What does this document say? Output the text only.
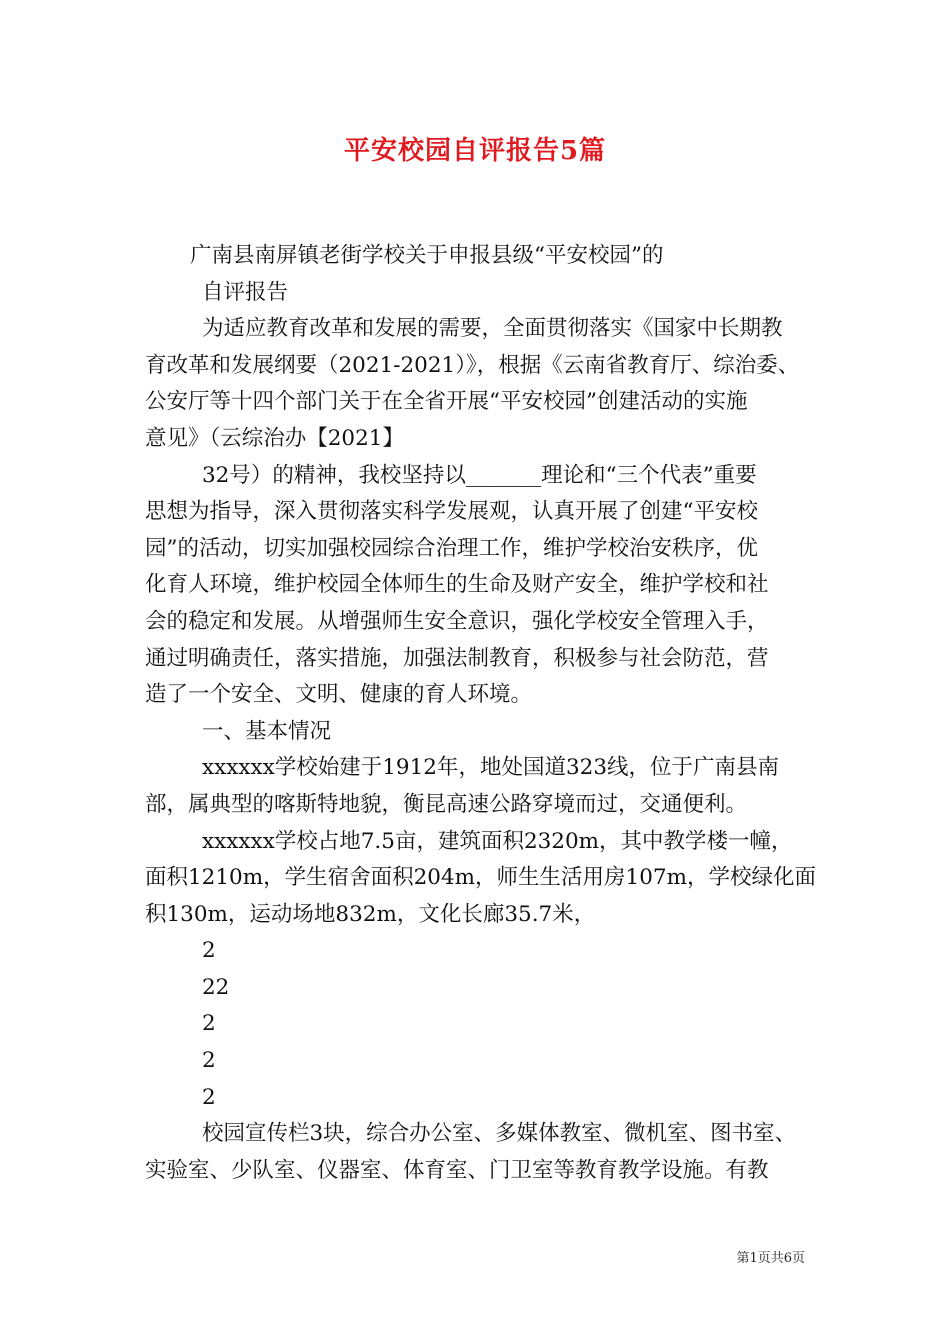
平安校园自评报告5篇
广南县南屏镇老街学校关于申报县级“平安校园”的
自评报告
为适应教育改革和发展的需要，全面贯彻落实《国家中长期教
育改革和发展纲要（2021-2021）》，根据《云南省教育厅、综治委、
公安厅等十四个部门关于在全省开展“平安校园”创建活动的实施
意见》（云综治办【2021】
32号）的精神，我校坚持以_______理论和“三个代表”重要
思想为指导，深入贯彻落实科学发展观，认真开展了创建“平安校
园”的活动，切实加强校园综合治理工作，维护学校治安秩序，优
化育人环境，维护校园全体师生的生命及财产安全，维护学校和社
会的稳定和发展。从增强师生安全意识，强化学校安全管理入手，
通过明确责任，落实措施，加强法制教育，积极参与社会防范，营
造了一个安全、文明、健康的育人环境。
一、基本情况
xxxxxx学校始建于1912年，地处国道323线，位于广南县南
部，属典型的喀斯特地貌，衡昆高速公路穿境而过，交通便利。
xxxxxx学校占地7.5亩，建筑面积2320m，其中教学楼一幢，
面积1210m，学生宿舍面积204m，师生生活用房107m，学校绿化面
积130m，运动场地832m，文化长廊35.7米，
2
22
2
2
2
校园宣传栏3块，综合办公室、多媒体教室、微机室、图书室、
实验室、少队室、仪器室、体育室、门卫室等教育教学设施。有教
第1页共6页
